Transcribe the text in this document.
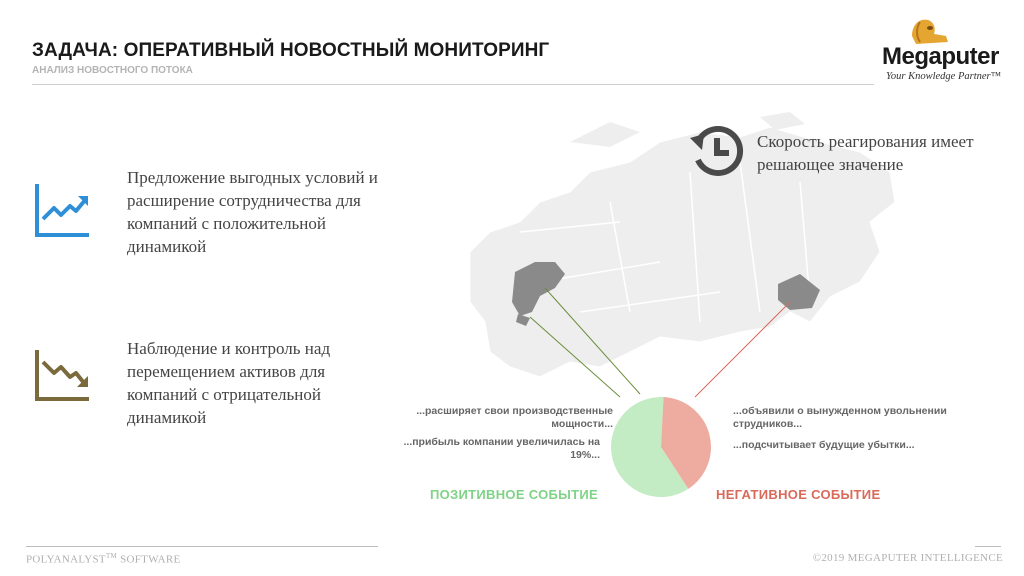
ЗАДАЧА: ОПЕРАТИВНЫЙ НОВОСТНЫЙ МОНИТОРИНГ
АНАЛИЗ НОВОСТНОГО ПОТОКА
Megaputer
Your Knowledge Partner™
Предложение выгодных условий и расширение сотрудничества для компаний с положительной динамикой
Наблюдение и контроль над перемещением активов для компаний с отрицательной динамикой
Скорость реагирования имеет решающее значение
...расширяет свои производственные мощности...
...прибыль компании увеличилась на 19%...
...объявили о вынужденном увольнении струдников...
...подсчитывает будущие убытки...
ПОЗИТИВНОЕ СОБЫТИЕ	НЕГАТИВНОЕ СОБЫТИЕ
POLYANALYST™ SOFTWARE	©2019 MEGAPUTER INTELLIGENCE
